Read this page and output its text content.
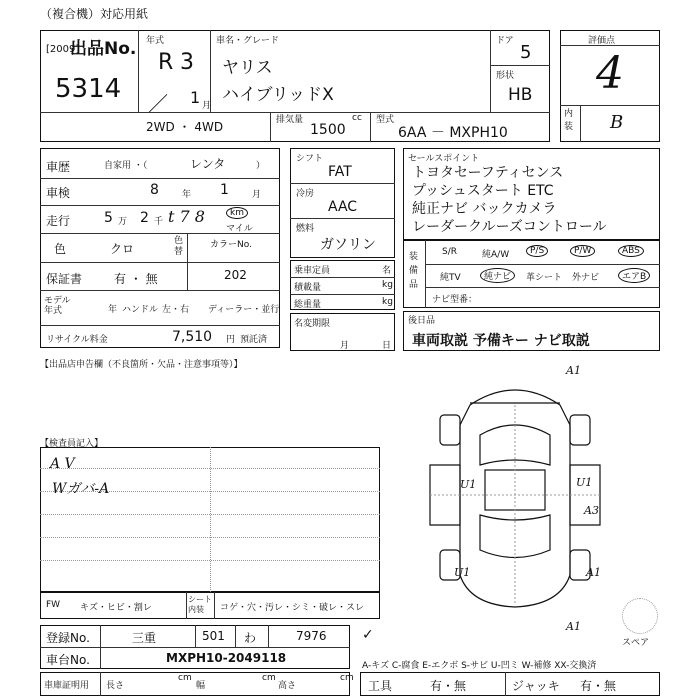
（複合機）対応用紙
出品No.
[2009]
5314
年式
R 3
／ 1 月
車名・グレード
ヤリス
ハイブリッドX
ドア
5
形状
HB
2WD ・ 4WD	排気量	cc
1500
型式
6AA － MXPH10
評価点
4
内装 B
車歴	自家用 ・（	レンタ	）
車検	8	年 1	月
走行 5 万 2 千 t 7 8	km
マイル
色	クロ
色替
カラーNo.
202
保証書	有 ・ 無
モデル年式	年 ハンドル 左・右 ディーラー・並行
リサイクル料金	7,510 円 預託済
シフト
FAT
冷房
AAC
燃料
ガソリン
乗車定員	名
積載量	kg
総重量	kg
名変期限
月	日
セールスポイント
トヨタセーフティセンス
プッシュスタート ETC
純正ナビ バックカメラ
レーダークルーズコントロール
装備品
S/R	純A/W	P/S	P/W	ABS
純TV	純ナビ	革シート 外ナビ	エアB
ナビ型番：
後日品
車両取説 予備キー ナビ取説
【出品店申告欄（不良箇所・欠品・注意事項等）】
【検査員記入】
A V
Wガバ-A
A1
U1	U1
A3
U1	A1
A1
スペア
FW キズ・ヒビ・割レ
シート内装	コゲ・穴・汚レ・シミ・破レ・スレ
登録No.	三重	501 わ	7976	✓
車台No.	MXPH10-2049118
A-キズ C-腐食 E-エクボ S-サビ U-凹ミ W-補修 XX-交換済
車庫証明用 長さ
cm
幅
cm
高さ
cm
工具	有・無	ジャッキ 有・無
